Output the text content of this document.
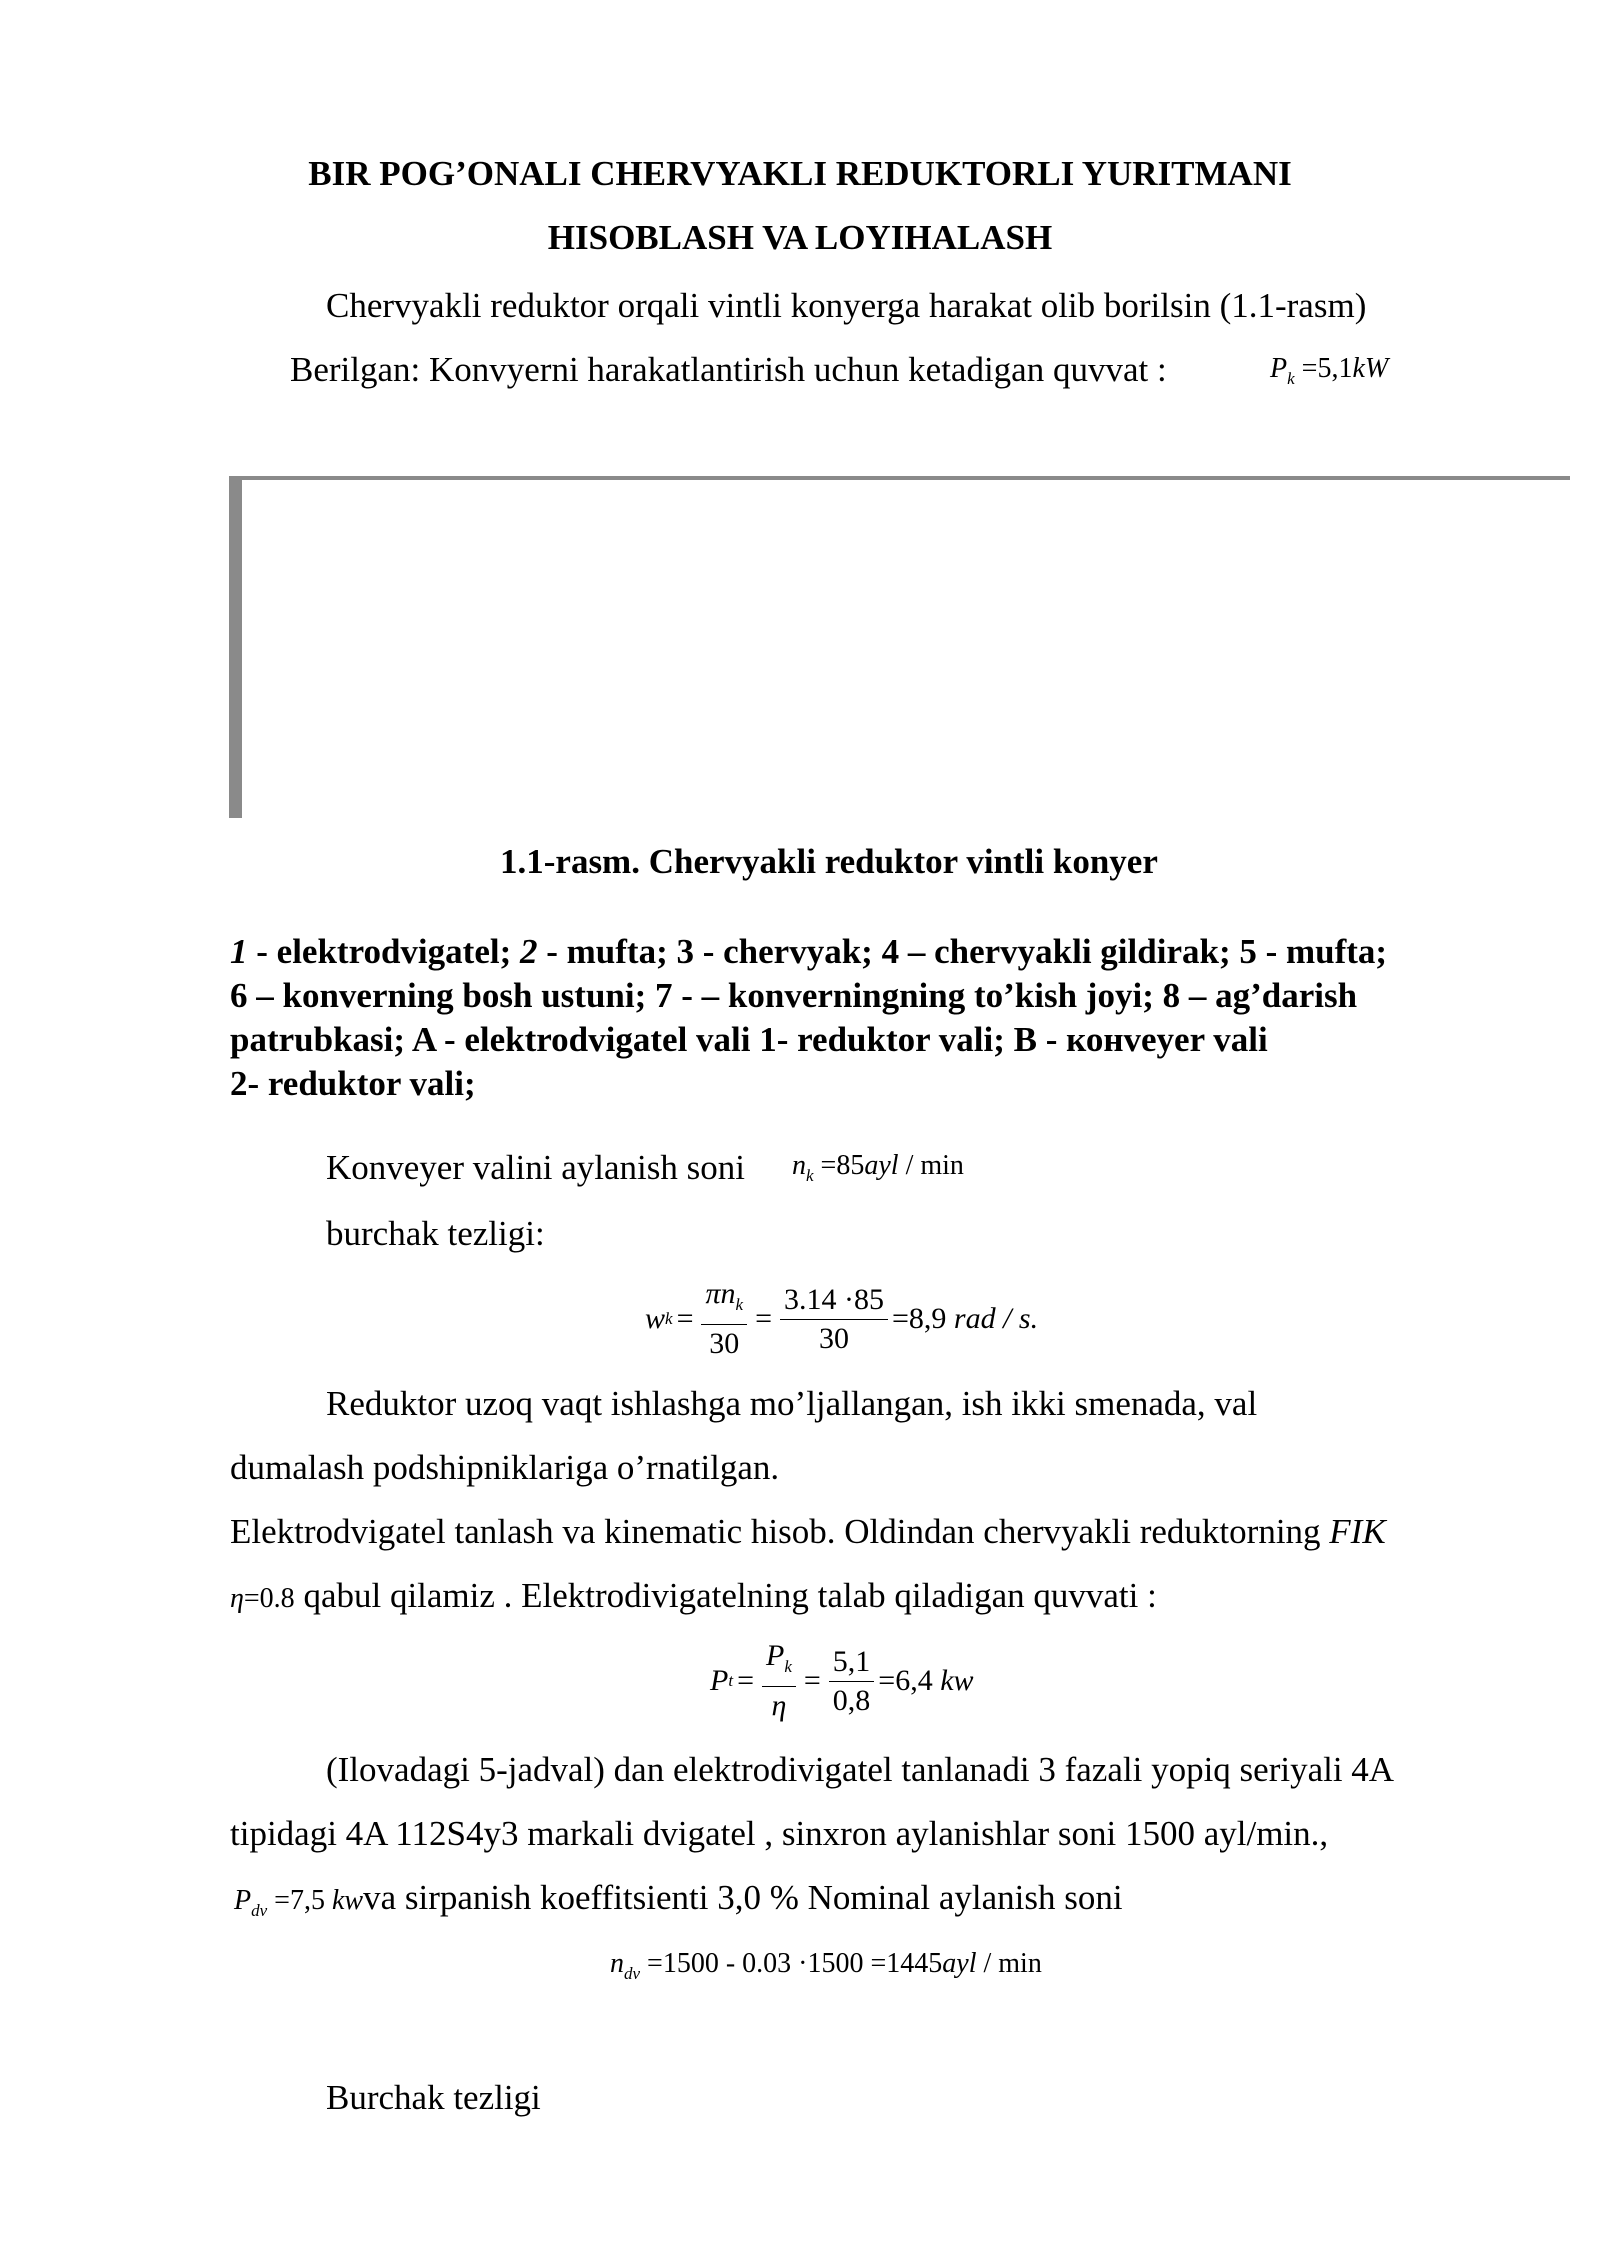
BIR POG’ONALI CHERVYAKLI REDUKTORLI YURITMANI
HISOBLASH VA LOYIHALASH
Chervyakli reduktor orqali vintli konyerga harakat olib borilsin (1.1-rasm)
Berilgan: Konvyerni harakatlantirish uchun ketadigan quvvat :	$P_k =5,1kW$
1.1-rasm. Chervyakli reduktor vintli konyer
1 - elektrodvigatel; 2 - mufta; 3 - chervyak; 4 – chervyakli gildirak; 5 - mufta;
6 – konverning bosh ustuni; 7 - – konverningning to’kish joyi; 8 – ag’darish patrubkasi; A - elektrodvigatel vali 1- reduktor vali; B - конveyer vali
2- reduktor vali;
Konveyer valini aylanish soni $n_k =85ayl / \min$
burchak tezligi:
w $k = \frac{\pi n_k}{30} = \frac{3.14 \cdot 85}{30} =8,9$
rad / s.
Reduktor uzoq vaqt ishlashga mo’ljallangan, ish ikki smenada, val
dumalash podshipniklariga o’rnatilgan.
Elektrodvigatel tanlash va kinematic hisob. Oldindan chervyakli reduktorning FIK
η=0.8 qabul qilamiz . Elektrodivigatelning talab qiladigan quvvati :
P $t = \frac{P_k}{\eta} = \frac{5,1}{0,8} =6,4$
kw
(Ilovadagi 5-jadval) dan elektrodivigatel tanlanadi 3 fazali yopiq seriyali 4A
tipidagi 4A 112S4y3 markali dvigatel , sinxron aylanishlar soni 1500 ayl/min.,
$P_{dv} =7,5$ kwva sirpanish koeffitsienti 3,0 % Nominal aylanish soni
$n_{dv} =1500 - 0.03 \cdot 1500 =1445ayl / \min$
Burchak tezligi
